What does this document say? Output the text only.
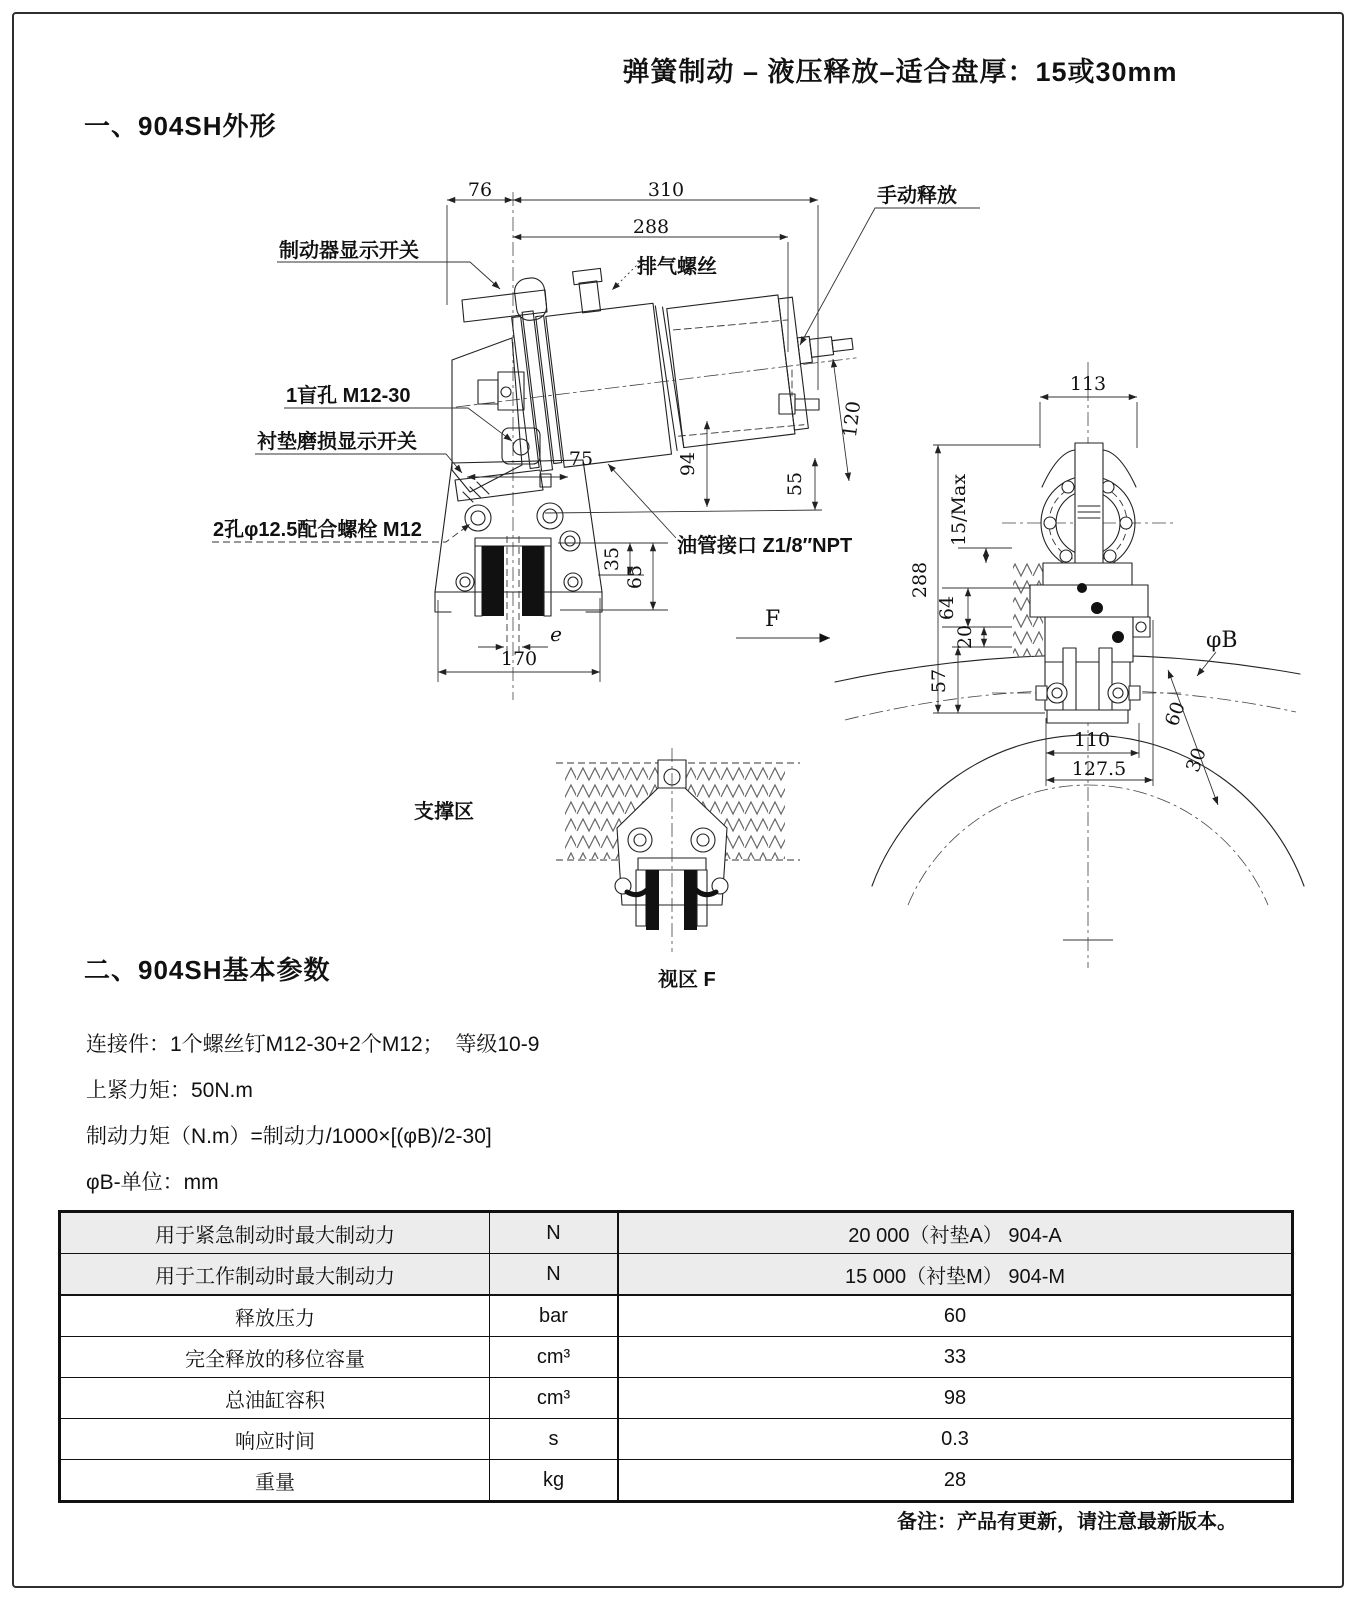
弹簧制动 – 液压释放–适合盘厚：15或30mm
一、904SH外形
二、904SH基本参数
制动器显示开关
排气螺丝
手动释放
1盲孔 M12-30
衬垫磨损显示开关
2孔φ12.5配合螺栓 M12
油管接口 Z1/8″NPT
F
76	310
288
75	94
55
120
35
65
e
170
113
288
15/Max
64
20
57
60
30
110
127.5
φB
支撑区
视区 F

连接件：1个螺丝钉M12-30+2个M12；  等级10-9

上紧力矩：50N.m

制动力矩（N.m）=制动力/1000×[(φB)/2-30]

φB-单位：mm

用于紧急制动时最大制动力	N	20 000（衬垫A） 904-A
用于工作制动时最大制动力	N	15 000（衬垫M） 904-M
释放压力	bar	60
完全释放的移位容量	cm³	33
总油缸容积	cm³	98
响应时间	s	0.3
重量	kg	28
备注：产品有更新，请注意最新版本。
